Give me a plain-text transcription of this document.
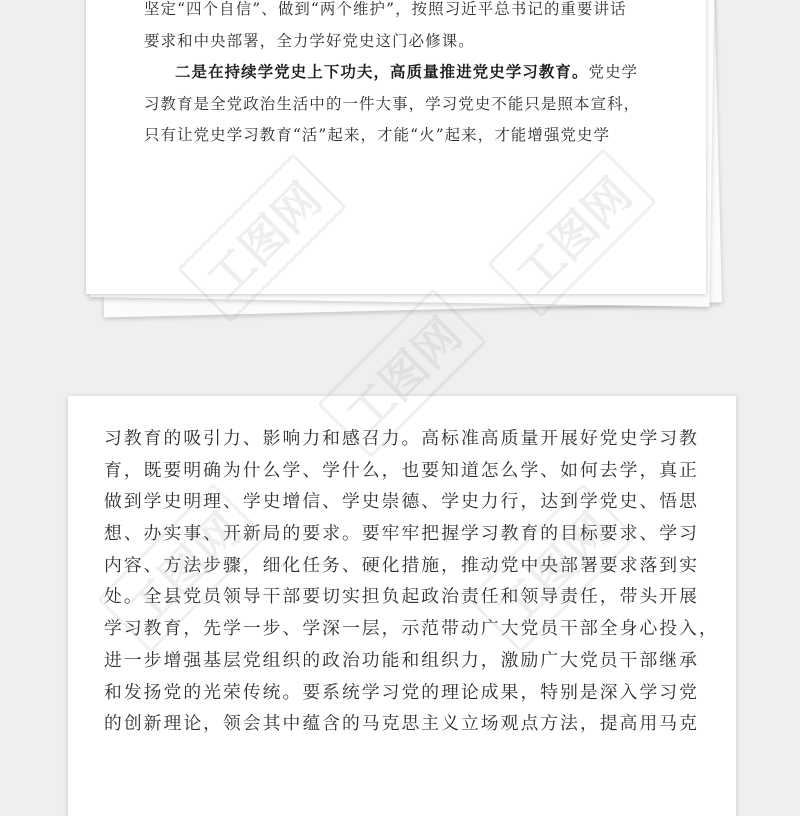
坚定“四个自信”、做到“两个维护”，按照习近平总书记的重要讲话
要求和中央部署，全力学好党史这门必修课。
二是在持续学党史上下功夫，高质量推进党史学习教育。党史学
习教育是全党政治生活中的一件大事，学习党史不能只是照本宣科，
只有让党史学习教育“活”起来，才能“火”起来，才能增强党史学
习教育的吸引力、影响力和感召力。高标准高质量开展好党史学习教
育，既要明确为什么学、学什么，也要知道怎么学、如何去学，真正
做到学史明理、学史增信、学史崇德、学史力行，达到学党史、悟思
想、办实事、开新局的要求。要牢牢把握学习教育的目标要求、学习
内容、方法步骤，细化任务、硬化措施，推动党中央部署要求落到实
处。全县党员领导干部要切实担负起政治责任和领导责任，带头开展
学习教育，先学一步、学深一层，示范带动广大党员干部全身心投入，
进一步增强基层党组织的政治功能和组织力，激励广大党员干部继承
和发扬党的光荣传统。要系统学习党的理论成果，特别是深入学习党
的创新理论，领会其中蕴含的马克思主义立场观点方法，提高用马克
工图网
